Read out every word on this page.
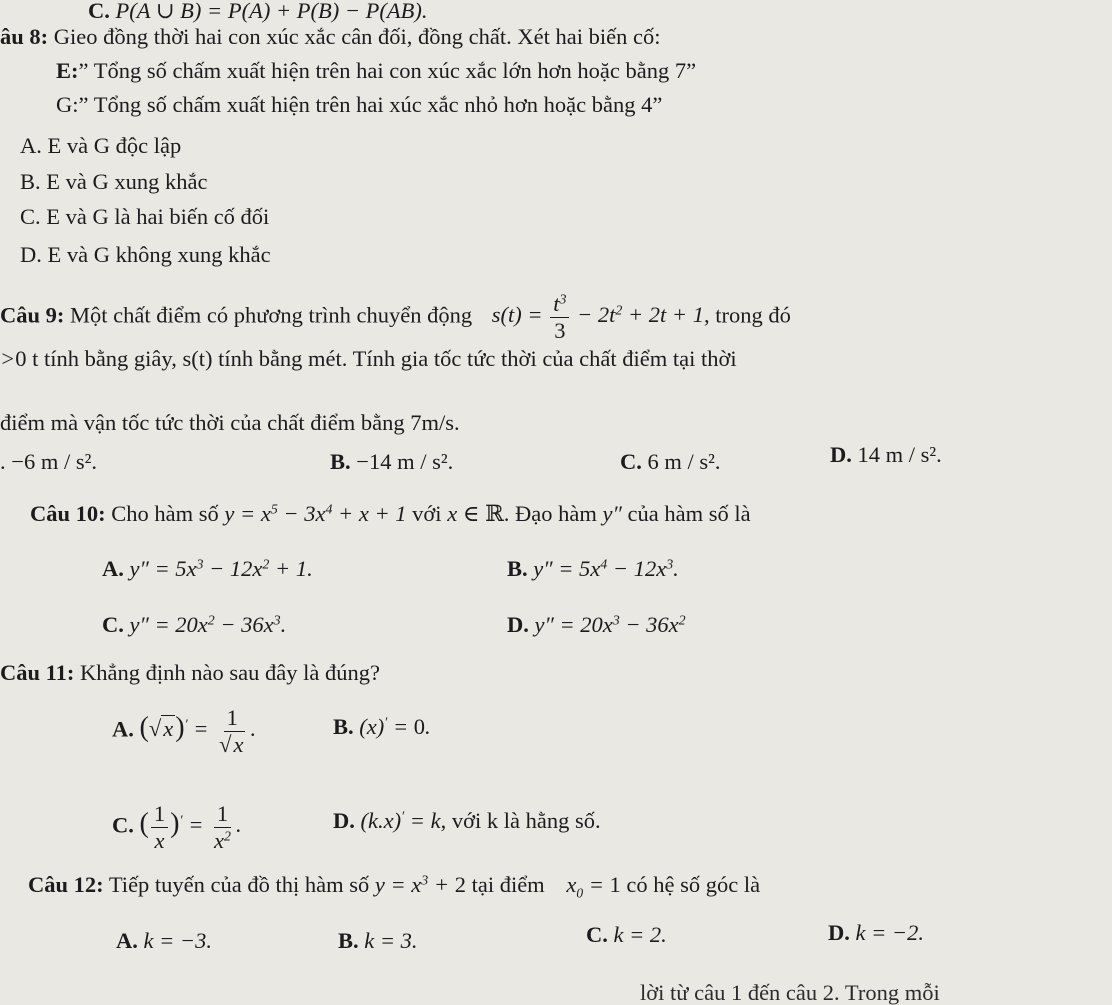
C. P(A ∪ B) = P(A) + P(B) − P(AB).
âu 8: Gieo đồng thời hai con xúc xắc cân đối, đồng chất. Xét hai biến cố:
E:” Tổng số chấm xuất hiện trên hai con xúc xắc lớn hơn hoặc bằng 7”
G:” Tổng số chấm xuất hiện trên hai xúc xắc nhỏ hơn hoặc bằng 4”
A. E và G độc lập
B. E và G xung khắc
C. E và G là hai biến cố đối
D. E và G không xung khắc
Câu 9: Một chất điểm có phương trình chuyển động $s(t) = \frac{t^3}{3} - 2t^2 + 2t + 1$, trong đó
>0 t tính bằng giây, s(t) tính bằng mét. Tính gia tốc tức thời của chất điểm tại thời
điểm mà vận tốc tức thời của chất điểm bằng 7m/s.
. −6 m / s².	B. −14 m / s².	C. 6 m / s².	D. 14 m / s².
Câu 10: Cho hàm số $y = x^5 - 3x^4 + x + 1$ với x ∈ ℝ. Đạo hàm y″ của hàm số là
A. $y'' = 5x^3 - 12x^2 + 1$.	B. $y'' = 5x^4 - 12x^3$.
C. $y'' = 20x^2 - 36x^3$.	D. $y'' = 20x^3 - 36x^2$
Câu 11: Khẳng định nào sau đây là đúng?
A. $(√x)' = \frac{1}{√x}$ .	B. (x)′ = 0.
C. ( $\frac{1}{x} )' = \frac{1}{x^2}$ .	D. (k.x)′ = k, với k là hằng số.
Câu 12: Tiếp tuyến của đồ thị hàm số $y = x^3 + 2$ tại điểm $x_0 = 1$ có hệ số góc là
A. k = −3.	B. k = 3.	C. k = 2.	D. k = −2.
lời từ câu 1 đến câu 2. Trong mỗi
